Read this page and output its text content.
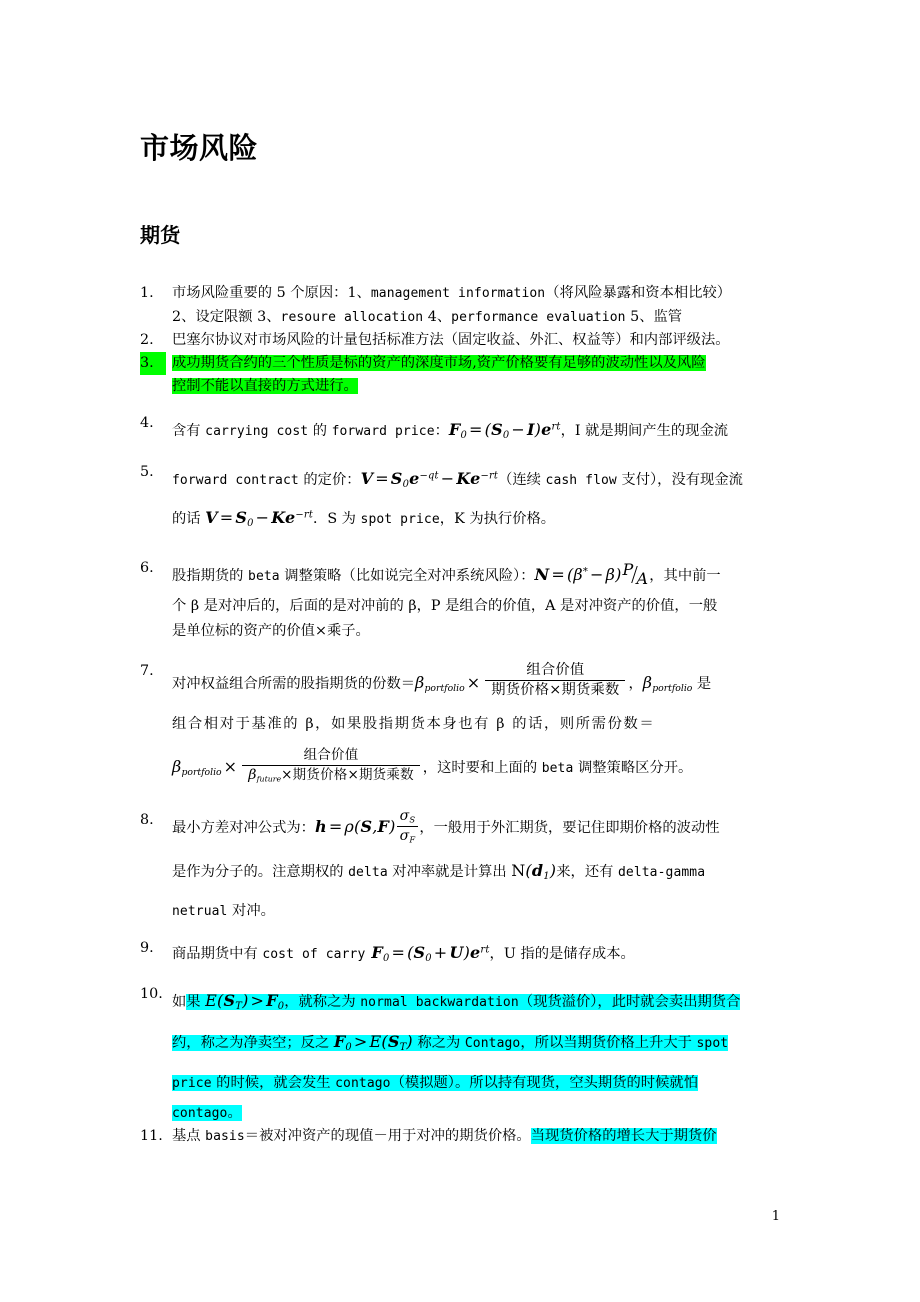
市场风险
期货
市场风险重要的 5 个原因：1、management information（将风险暴露和资本相比较）
2、设定限额 3、resoure allocation 4、performance evaluation 5、监管
巴塞尔协议对市场风险的计量包括标准方法（固定收益、外汇、权益等）和内部评级法。
成功期货合约的三个性质是标的资产的深度市场,资产价格要有足够的波动性以及风险
控制不能以直接的方式进行。
含有 carrying cost 的 forward price：$F_0 = (S_0 - I)e^{rt}$，I 就是期间产生的现金流
forward contract 的定价：$V = S_0e^{-qt} - Ke^{-rt}$（连续 cash flow 支付），没有现金流
的话 $V = S_0 - Ke^{-rt}$．S 为 spot price，K 为执行价格。
股指期货的 beta 调整策略（比如说完全对冲系统风险）：N = (β* − β)P A，其中前一
个 β 是对冲后的，后面的是对冲前的 β，P 是组合的价值，A 是对冲资产的价值，一般
是单位标的资产的价值×乘子。
对冲权益组合所需的股指期货的份数＝βportfolio × $\frac{\text{组合价值}}{\text{期货价格×期货乘数}}$ ，βportfolio 是
组合相对于基准的 β，如果股指期货本身也有 β 的话，则所需份数＝
βportfolio × $\frac{\text{组合价值}}{\text{βfuture×期货价格×期货乘数}}$ ，这时要和上面的 beta 调整策略区分开。
最小方差对冲公式为：$h = \rho(S,F) \frac{\sigma_S}{\sigma_F}$ ，一般用于外汇期货，要记住即期价格的波动性
是作为分子的。注意期权的 delta 对冲率就是计算出 $N(d_1)$来，还有 delta-gamma
netrual 对冲。
商品期货中有 cost of carry $F_0 = (S_0 + U)e^{rt}$，U 指的是储存成本。
如果 $E(S_T) > F_0$，就称之为 normal backwardation（现货溢价），此时就会卖出期货合
约，称之为净卖空；反之 $F_0 > E(S_T)$ 称之为 Contago，所以当期货价格上升大于 spot
price 的时候，就会发生 contago（模拟题）。所以持有现货，空头期货的时候就怕
contago。
基点 basis＝被对冲资产的现值－用于对冲的期货价格。当现货价格的增长大于期货价
1
